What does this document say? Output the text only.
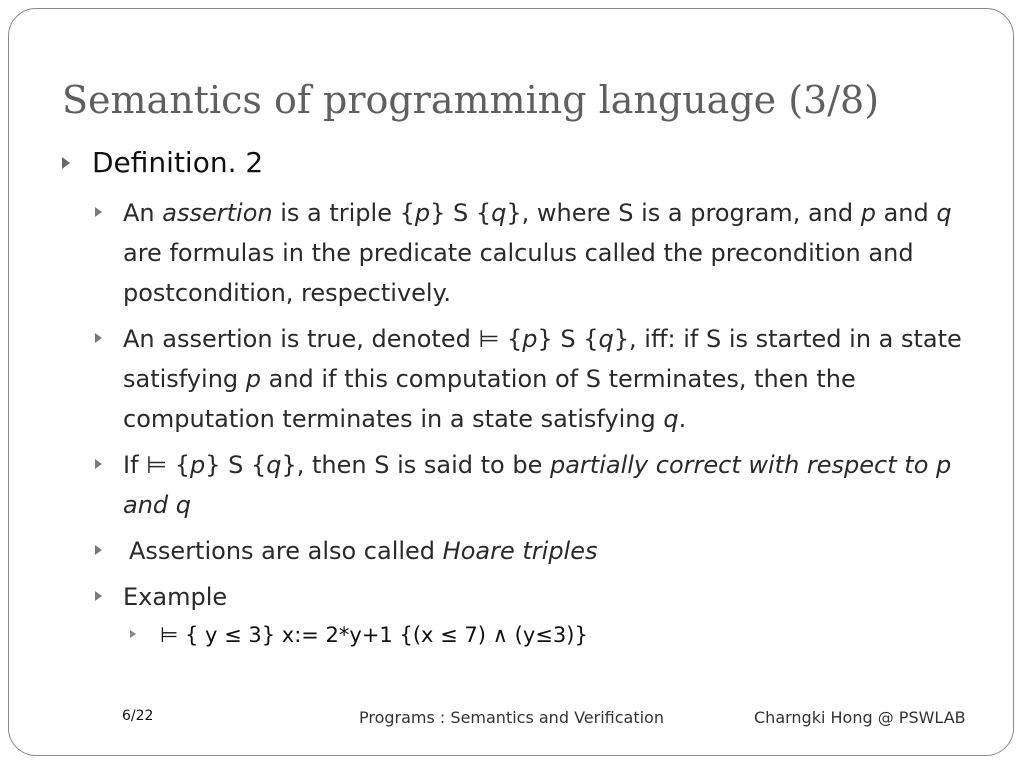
Semantics of programming language (3/8)
Definition. 2
An assertion is a triple {p} S {q}, where S is a program, and p and q are formulas in the predicate calculus called the precondition and postcondition, respectively.
An assertion is true, denoted ⊨ {p} S {q}, iff: if S is started in a state satisfying p and if this computation of S terminates, then the computation terminates in a state satisfying q.
If ⊨ {p} S {q}, then S is said to be partially correct with respect to p and q
Assertions are also called Hoare triples
Example
⊨ { y ≤ 3} x:= 2*y+1 {(x ≤ 7) ∧ (y≤3)}
6/22	Programs : Semantics and Verification	Charngki Hong @ PSWLAB
